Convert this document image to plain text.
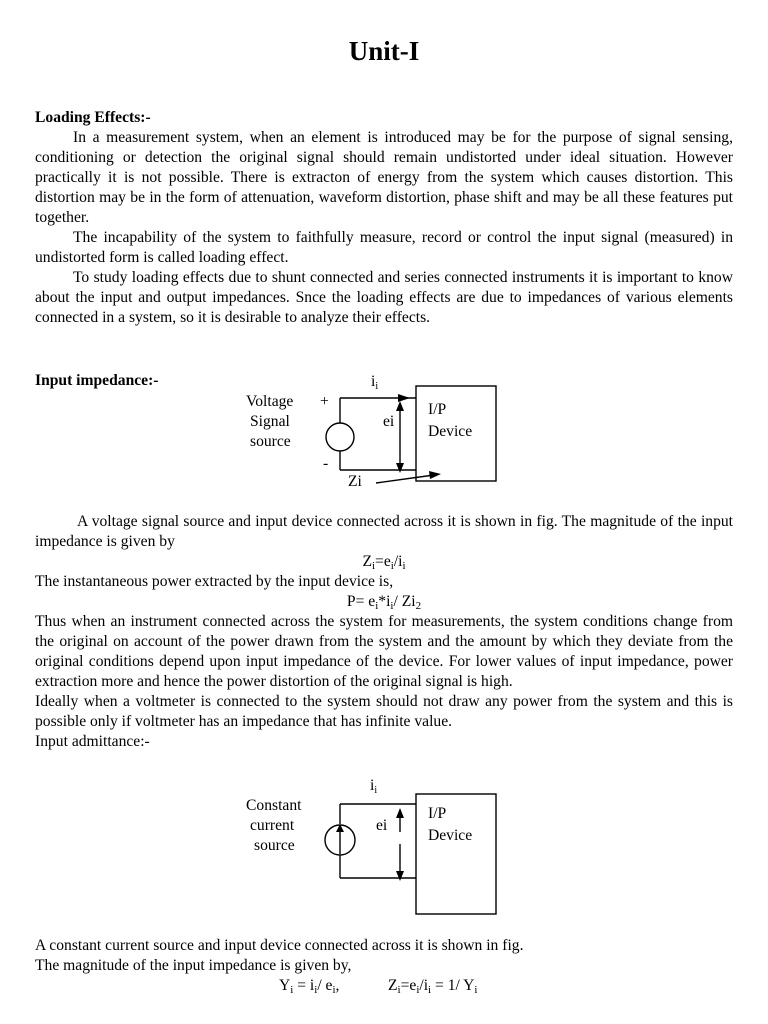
Unit-I
Loading Effects:-

In a measurement system, when an element is introduced may be for the purpose of signal sensing, conditioning or detection the original signal should remain undistorted under ideal situation. However practically it is not possible. There is extracton of energy from the system which causes distortion. This distortion may be in the form of attenuation, waveform distortion, phase shift and may be all these features put together.

The incapability of the system to faithfully measure, record or control the input signal (measured) in undistorted form is called loading effect.

To study loading effects due to shunt connected and series connected instruments it is important to know about the input and output impedances. Snce the loading effects are due to impedances of various elements connected in a system, so it is desirable to analyze their effects.

Input impedance:-
Voltage
Signal
source
+
-
ii
ei
Zi
I/P
Device

A voltage signal source and input device connected across it is shown in fig. The magnitude of the input impedance is given by

$Z_i=e_i/i_i$
The instantaneous power extracted by the input device is,
$P= e_i*i_i/$ $Zi_2$

Thus when an instrument connected across the system for measurements, the system conditions change from the original on account of the power drawn from the system and the amount by which they deviate from the original conditions depend upon input impedance of the device. For lower values of input impedance, power extraction more and hence the power distortion of the original signal is high.

Ideally when a voltmeter is connected to the system should not draw any power from the system and this is possible only if voltmeter has an impedance that has infinite value.

Input admittance:-

Constant
current
source
ii
ei
I/P
Device

A constant current source and input device connected across it is shown in fig.

The magnitude of the input impedance is given by,

$Y_i = i_i/$ $e_i$,	$Z_i=e_i/i_i = 1/$ $Y_i$
